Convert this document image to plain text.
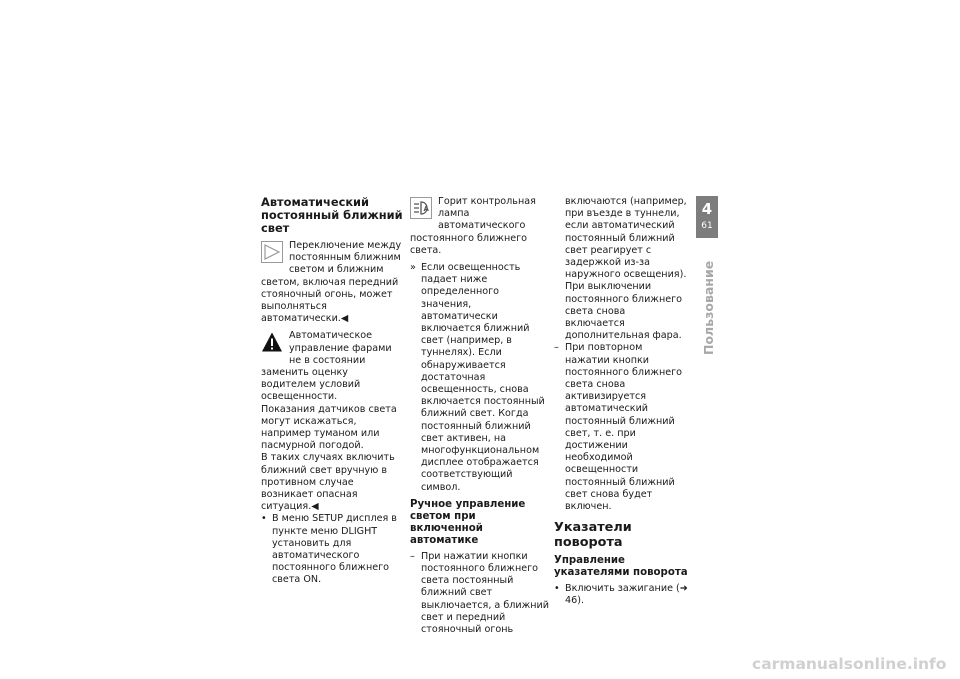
Автоматический постоянный ближний свет

Переключение между постоянным ближним светом и ближним светом, включая передний стояночный огонь, может выполняться автоматически.◀

Автоматическое управление фарами не в состоянии заменить оценку водителем условий освещенности.

Показания датчиков света могут искажаться, например туманом или пасмурной погодой.

В таких случаях включить ближний свет вручную в противном случае возникает опасная ситуация.◀

• В меню SETUP дисплея в пункте меню DLIGHT установить для автоматического постоянного ближнего света ON.
A

Горит контрольная лампа автоматического постоянного ближнего света.

» Если освещенность падает ниже определенного значения, автоматически включается ближний свет (например, в туннелях). Если обнаруживается достаточная освещенность, снова включается постоянный ближний свет. Когда постоянный ближний свет активен, на многофункциональном дисплее отображается соответствующий символ.
Ручное управление светом при включенной автоматике
– При нажатии кнопки постоянного ближнего света постоянный ближний свет выключается, а ближний свет и передний стояночный огонь

включаются (например, при въезде в туннели, если автоматический постоянный ближний свет реагирует с задержкой из-за наружного освещения). При выключении постоянного ближнего света снова включается дополнительная фара.

– При повторном нажатии кнопки постоянного ближнего света снова активизируется автоматический постоянный ближний свет, т. е. при достижении необходимой освещенности постоянный ближний свет снова будет включен.
Указатели поворота
Управление указателями поворота
• Включить зажигание (➜ 46).
4
61
Пользование
carmanualsonline.info
